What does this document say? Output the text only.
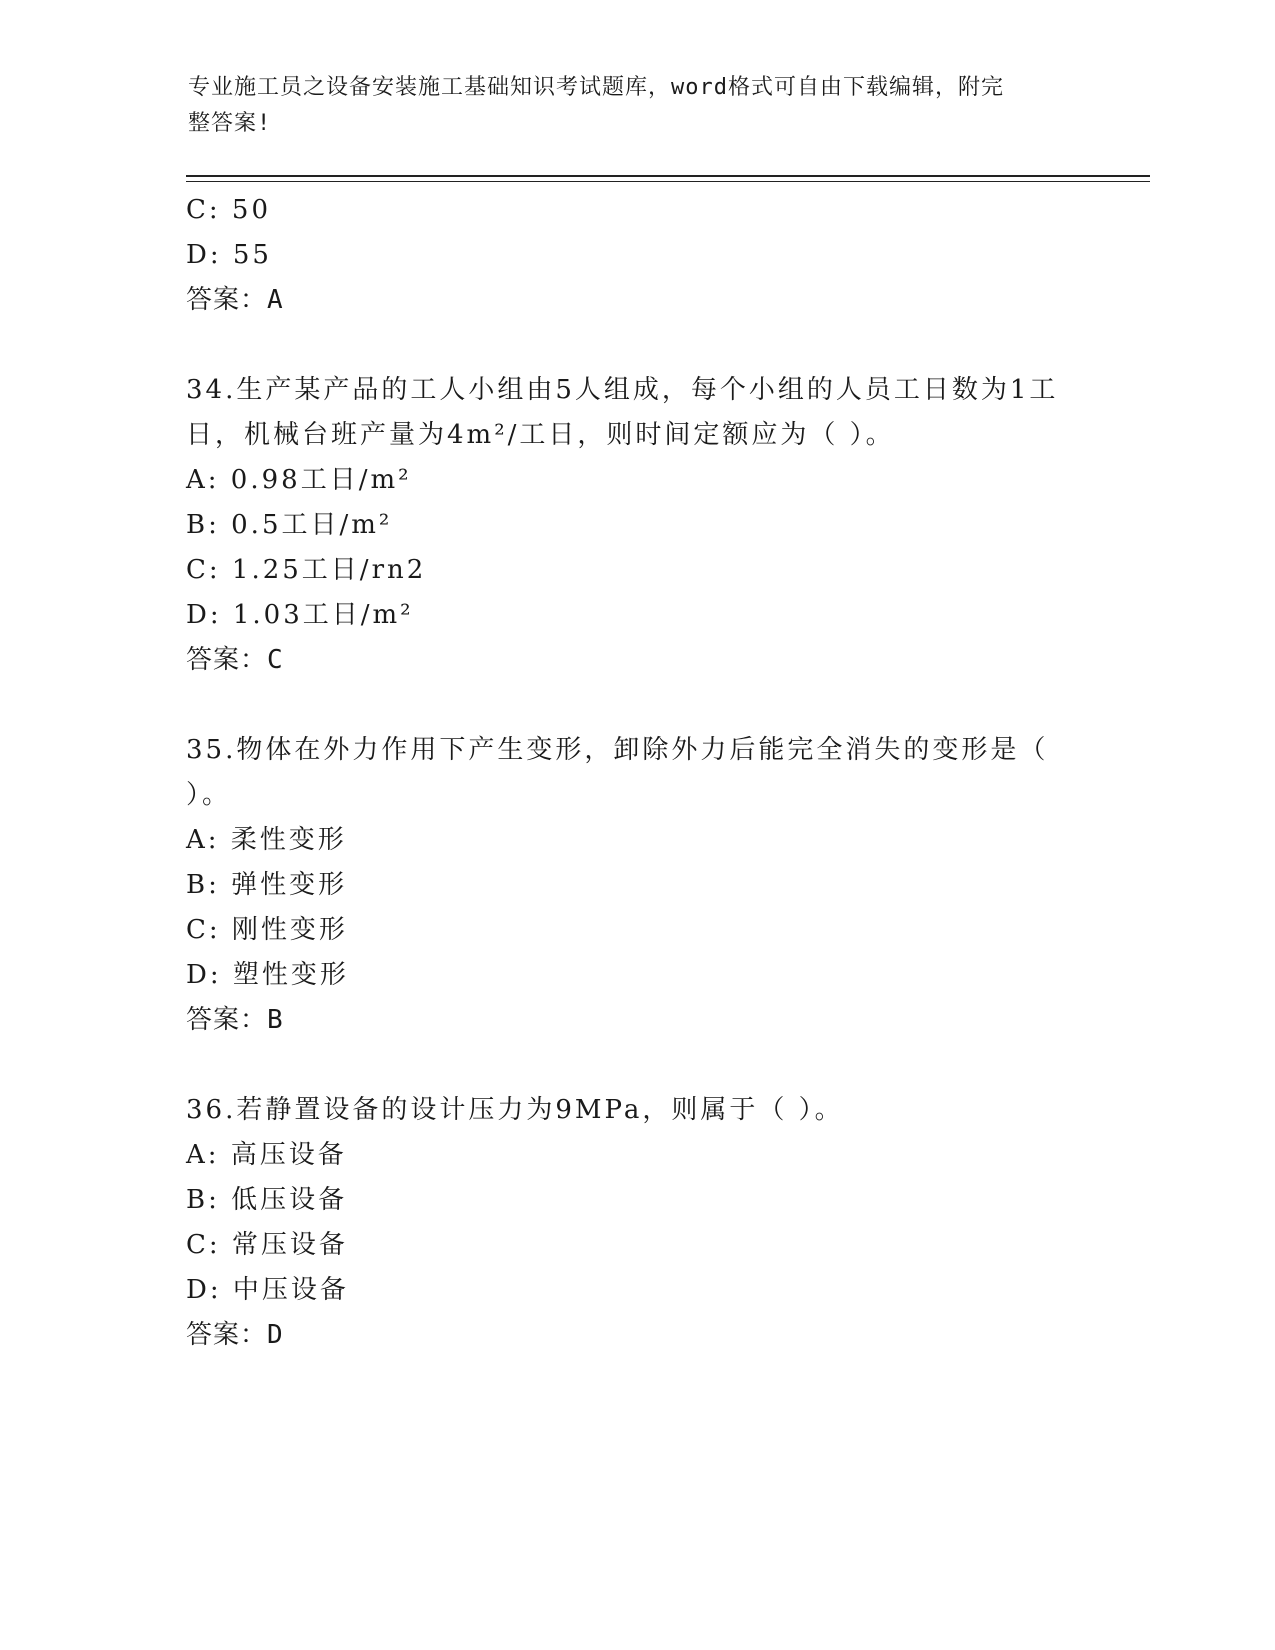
专业施工员之设备安装施工基础知识考试题库，word格式可自由下载编辑，附完
整答案!
C: 50
D: 55
答案：A
34.生产某产品的工人小组由5人组成，每个小组的人员工日数为1工
日，机械台班产量为4m²/工日，则时间定额应为（ ）。
A: 0.98工日/m²
B: 0.5工日/m²
C: 1.25工日/rn2
D: 1.03工日/m²
答案：C
35.物体在外力作用下产生变形，卸除外力后能完全消失的变形是（
）。
A: 柔性变形
B: 弹性变形
C: 刚性变形
D: 塑性变形
答案：B
36.若静置设备的设计压力为9MPa，则属于（ ）。
A: 高压设备
B: 低压设备
C: 常压设备
D: 中压设备
答案：D
